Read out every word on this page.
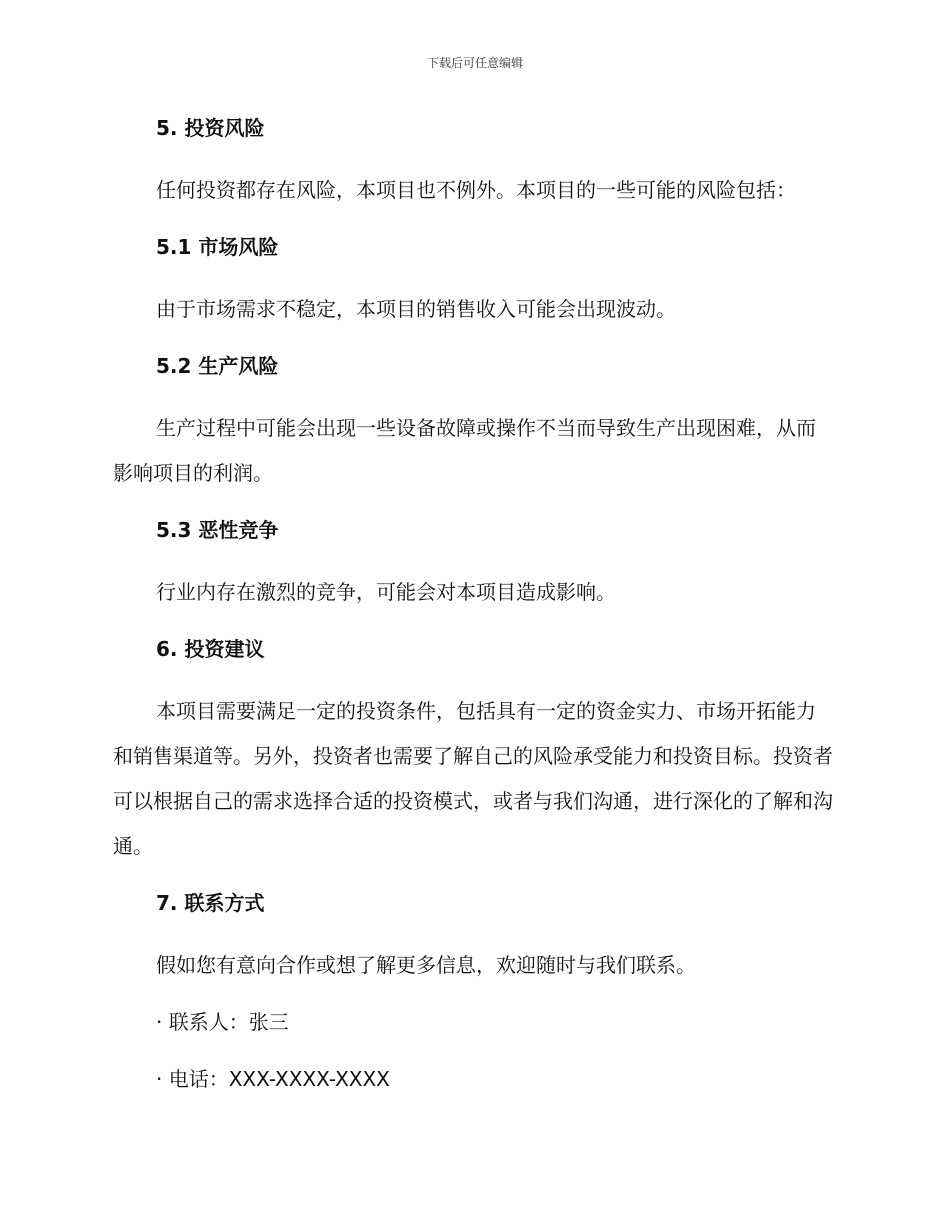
下载后可任意编辑
5. 投资风险

任何投资都存在风险，本项目也不例外。本项目的一些可能的风险包括：

5.1 市场风险

由于市场需求不稳定，本项目的销售收入可能会出现波动。

5.2 生产风险

生产过程中可能会出现一些设备故障或操作不当而导致生产出现困难，从而影响项目的利润。

5.3 恶性竞争

行业内存在激烈的竞争，可能会对本项目造成影响。

6. 投资建议

本项目需要满足一定的投资条件，包括具有一定的资金实力、市场开拓能力和销售渠道等。另外，投资者也需要了解自己的风险承受能力和投资目标。投资者可以根据自己的需求选择合适的投资模式，或者与我们沟通，进行深化的了解和沟通。

7. 联系方式

假如您有意向合作或想了解更多信息，欢迎随时与我们联系。

· 联系人：张三

· 电话：XXX-XXXX-XXXX
